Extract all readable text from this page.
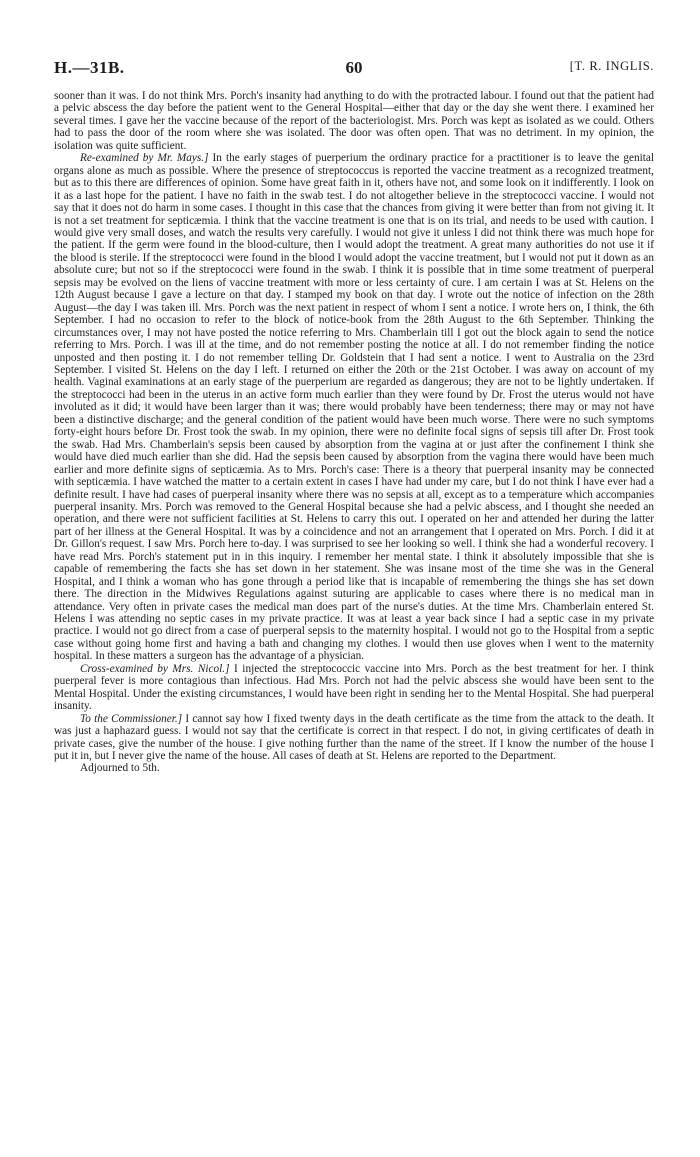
H.—31B.	60	[T. R. INGLIS.

sooner than it was. I do not think Mrs. Porch's insanity had anything to do with the protracted labour. I found out that the patient had a pelvic abscess the day before the patient went to the General Hospital—either that day or the day she went there. I examined her several times. I gave her the vaccine because of the report of the bacteriologist. Mrs. Porch was kept as isolated as we could. Others had to pass the door of the room where she was isolated. The door was often open. That was no detriment. In my opinion, the isolation was quite sufficient.

Re-examined by Mr. Mays.] In the early stages of puerperium the ordinary practice for a practitioner is to leave the genital organs alone as much as possible. Where the presence of streptococcus is reported the vaccine treatment as a recognized treatment, but as to this there are differences of opinion. Some have great faith in it, others have not, and some look on it indifferently. I look on it as a last hope for the patient. I have no faith in the swab test. I do not altogether believe in the streptococci vaccine. I would not say that it does not do harm in some cases. I thought in this case that the chances from giving it were better than from not giving it. It is not a set treatment for septicæmia. I think that the vaccine treatment is one that is on its trial, and needs to be used with caution. I would give very small doses, and watch the results very carefully. I would not give it unless I did not think there was much hope for the patient. If the germ were found in the blood-culture, then I would adopt the treatment. A great many authorities do not use it if the blood is sterile. If the streptococci were found in the blood I would adopt the vaccine treatment, but I would not put it down as an absolute cure; but not so if the streptococci were found in the swab. I think it is possible that in time some treatment of puerperal sepsis may be evolved on the liens of vaccine treatment with more or less certainty of cure. I am certain I was at St. Helens on the 12th August because I gave a lecture on that day. I stamped my book on that day. I wrote out the notice of infection on the 28th August—the day I was taken ill. Mrs. Porch was the next patient in respect of whom I sent a notice. I wrote hers on, I think, the 6th September. I had no occasion to refer to the block of notice-book from the 28th August to the 6th September. Thinking the circumstances over, I may not have posted the notice referring to Mrs. Chamberlain till I got out the block again to send the notice referring to Mrs. Porch. I was ill at the time, and do not remember posting the notice at all. I do not remember finding the notice unposted and then posting it. I do not remember telling Dr. Goldstein that I had sent a notice. I went to Australia on the 23rd September. I visited St. Helens on the day I left. I returned on either the 20th or the 21st October. I was away on account of my health. Vaginal examinations at an early stage of the puerperium are regarded as dangerous; they are not to be lightly undertaken. If the streptococci had been in the uterus in an active form much earlier than they were found by Dr. Frost the uterus would not have involuted as it did; it would have been larger than it was; there would probably have been tenderness; there may or may not have been a distinctive discharge; and the general condition of the patient would have been much worse. There were no such symptoms forty-eight hours before Dr. Frost took the swab. In my opinion, there were no definite focal signs of sepsis till after Dr. Frost took the swab. Had Mrs. Chamberlain's sepsis been caused by absorption from the vagina at or just after the confinement I think she would have died much earlier than she did. Had the sepsis been caused by absorption from the vagina there would have been much earlier and more definite signs of septicæmia. As to Mrs. Porch's case: There is a theory that puerperal insanity may be connected with septicæmia. I have watched the matter to a certain extent in cases I have had under my care, but I do not think I have ever had a definite result. I have had cases of puerperal insanity where there was no sepsis at all, except as to a temperature which accompanies puerperal insanity. Mrs. Porch was removed to the General Hospital because she had a pelvic abscess, and I thought she needed an operation, and there were not sufficient facilities at St. Helens to carry this out. I operated on her and attended her during the latter part of her illness at the General Hospital. It was by a coincidence and not an arrangement that I operated on Mrs. Porch. I did it at Dr. Gillon's request. I saw Mrs. Porch here to-day. I was surprised to see her looking so well. I think she had a wonderful recovery. I have read Mrs. Porch's statement put in in this inquiry. I remember her mental state. I think it absolutely impossible that she is capable of remembering the facts she has set down in her statement. She was insane most of the time she was in the General Hospital, and I think a woman who has gone through a period like that is incapable of remembering the things she has set down there. The direction in the Midwives Regulations against suturing are applicable to cases where there is no medical man in attendance. Very often in private cases the medical man does part of the nurse's duties. At the time Mrs. Chamberlain entered St. Helens I was attending no septic cases in my private practice. It was at least a year back since I had a septic case in my private practice. I would not go direct from a case of puerperal sepsis to the maternity hospital. I would not go to the Hospital from a septic case without going home first and having a bath and changing my clothes. I would then use gloves when I went to the maternity hospital. In these matters a surgeon has the advantage of a physician.

Cross-examined by Mrs. Nicol.] I injected the streptococcic vaccine into Mrs. Porch as the best treatment for her. I think puerperal fever is more contagious than infectious. Had Mrs. Porch not had the pelvic abscess she would have been sent to the Mental Hospital. Under the existing circumstances, I would have been right in sending her to the Mental Hospital. She had puerperal insanity.

To the Commissioner.] I cannot say how I fixed twenty days in the death certificate as the time from the attack to the death. It was just a haphazard guess. I would not say that the certificate is correct in that respect. I do not, in giving certificates of death in private cases, give the number of the house. I give nothing further than the name of the street. If I know the number of the house I put it in, but I never give the name of the house. All cases of death at St. Helens are reported to the Department.

Adjourned to 5th.
